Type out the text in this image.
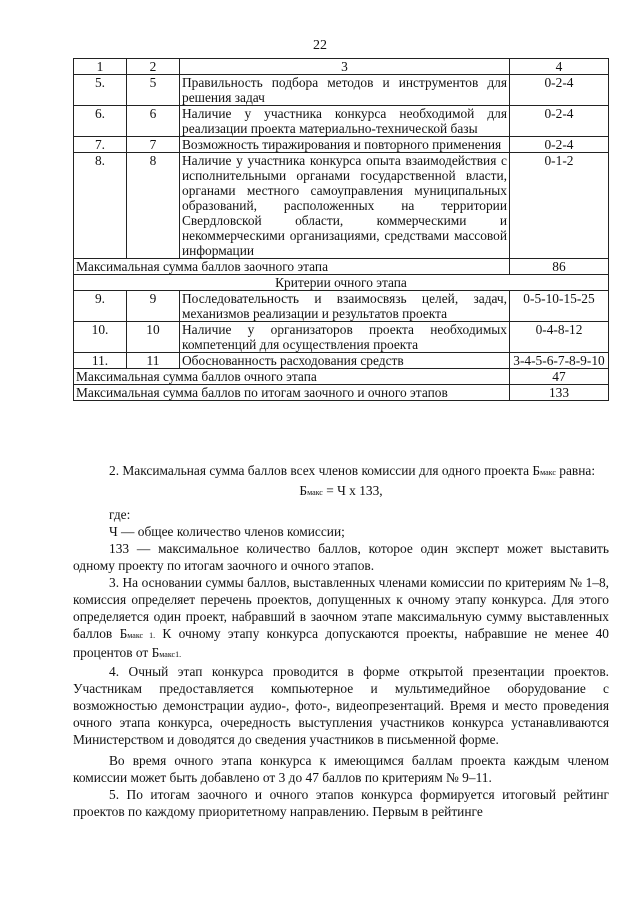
22
1	2	3	4
5.	5	Правильность подбора методов и инструментов для решения задач	0-2-4
6.	6	Наличие у участника конкурса необходимой для реализации проекта материально-технической базы	0-2-4
7.	7	Возможность тиражирования и повторного применения	0-2-4
8.	8	Наличие у участника конкурса опыта взаимодействия с исполнительными органами государственной власти, органами местного самоуправления муниципальных образований, расположенных на территории Свердловской области, коммерческими и некоммерческими организациями, средствами массовой информации	0-1-2
Максимальная сумма баллов заочного этапа			86
Критерии очного этапа			
9.	9	Последовательность и взаимосвязь целей, задач, механизмов реализации и результатов проекта	0-5-10-15-25
10.	10	Наличие у организаторов проекта необходимых компетенций для осуществления проекта	0-4-8-12
11.	11	Обоснованность расходования средств	3-4-5-6-7-8-9-10
Максимальная сумма баллов очного этапа			47
Максимальная сумма баллов по итогам заочного и очного этапов			133

2. Максимальная сумма баллов всех членов комиссии для одного проекта Бмакс равна:

Бмакс = Ч х 133,

где:

Ч — общее количество членов комиссии;

133 — максимальное количество баллов, которое один эксперт может выставить одному проекту по итогам заочного и очного этапов.

3. На основании суммы баллов, выставленных членами комиссии по критериям № 1–8, комиссия определяет перечень проектов, допущенных к очному этапу конкурса. Для этого определяется один проект, набравший в заочном этапе максимальную сумму выставленных баллов Бмакс 1. К очному этапу конкурса допускаются проекты, набравшие не менее 40 процентов от Бмакс1.

4. Очный этап конкурса проводится в форме открытой презентации проектов. Участникам предоставляется компьютерное и мультимедийное оборудование с возможностью демонстрации аудио-, фото-, видеопрезентаций. Время и место проведения очного этапа конкурса, очередность выступления участников конкурса устанавливаются Министерством и доводятся до сведения участников в письменной форме.

Во время очного этапа конкурса к имеющимся баллам проекта каждым членом комиссии может быть добавлено от 3 до 47 баллов по критериям № 9–11.

5. По итогам заочного и очного этапов конкурса формируется итоговый рейтинг проектов по каждому приоритетному направлению. Первым в рейтинге
